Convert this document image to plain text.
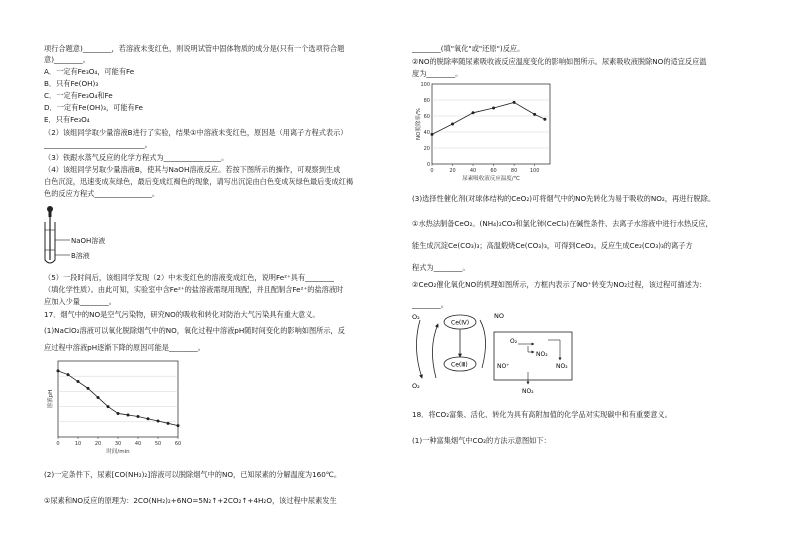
项行合题意)________，若溶液未变红色，则说明试管中固体物质的成分是(只有一个选项符合题
意)________。
A．一定有Fe₃O₄，可能有Fe
B．只有Fe(OH)₃
C．一定有Fe₃O₄和Fe
D．一定有Fe(OH)₃，可能有Fe
E．只有Fe₃O₄
（2）该组同学取少量溶液B进行了实验，结果①中溶液未变红色，原因是（用离子方程式表示）
____________________________。
（3）铁跟水蒸气反应的化学方程式为________________。
（4）该组同学另取少量溶液B，使其与NaOH溶液反应。若按下图所示的操作，可观察到生成
白色沉淀，迅速变成灰绿色，最后变成红褐色的现象，请写出沉淀由白色变成灰绿色最后变成红褐
色的反应方程式________________。
NaOH溶液
B溶液
（5）一段时间后，该组同学发现（2）中未变红色的溶液变成红色，说明Fe²⁺具有________
（填化学性质）。由此可知，实验室中含Fe²⁺的盐溶液需现用现配，并且配制含Fe²⁺的盐溶液时
应加入少量________。
17．烟气中的NO是空气污染物，研究NO的吸收和转化对防治大气污染具有重大意义。
(1)NaClO₂溶液可以氧化脱除烟气中的NO，氧化过程中溶液pH随时间变化的影响如图所示，反
应过程中溶液pH逐渐下降的原因可能是________。
0	10	20	30	40	50	60
时间/min
溶液pH
(2)一定条件下，尿素[CO(NH₂)₂]溶液可以脱除烟气中的NO，已知尿素的分解温度为160℃。
①尿素和NO反应的原理为：2CO(NH₂)₂+6NO=5N₂↑+2CO₂↑+4H₂O，该过程中尿素发生
________(填"氧化"或"还原")反应。
②NO的脱除率随尿素吸收液反应温度变化的影响如图所示。尿素吸收液脱除NO的适宜反应温
度为________。
0	20	40	60	80	100
0
20
40
60
80
100
尿素吸收液反应温度/℃
NO脱除率/%
(3)选择性催化剂(对球体结构的CeO₂)可将烟气中的NO先转化为易于吸收的NO₂，再进行脱除。
①水热法制备CeO₂。(NH₄)₂CO₃和氯化铈(CeCl₃)在碱性条件、去离子水溶液中进行水热反应，
能生成沉淀Ce(CO₃)₃；高温煅烧Ce(CO₃)₃，可得到CeO₂。反应生成Ce₂(CO₃)₃的离子方
程式为________。
②CeO₂催化氧化NO的机理如图所示，方框内表示了NO⁺转变为NO₂过程，该过程可描述为：
________。
O₂
O₂
Ce(Ⅳ)
Ce(Ⅲ)
NO
NO⁺
O₂
NO₂
NO₂
NO₂
18．将CO₂富集、活化、转化为具有高附加值的化学品对实现碳中和有重要意义。
(1)一种富集烟气中CO₂的方法示意图如下：
